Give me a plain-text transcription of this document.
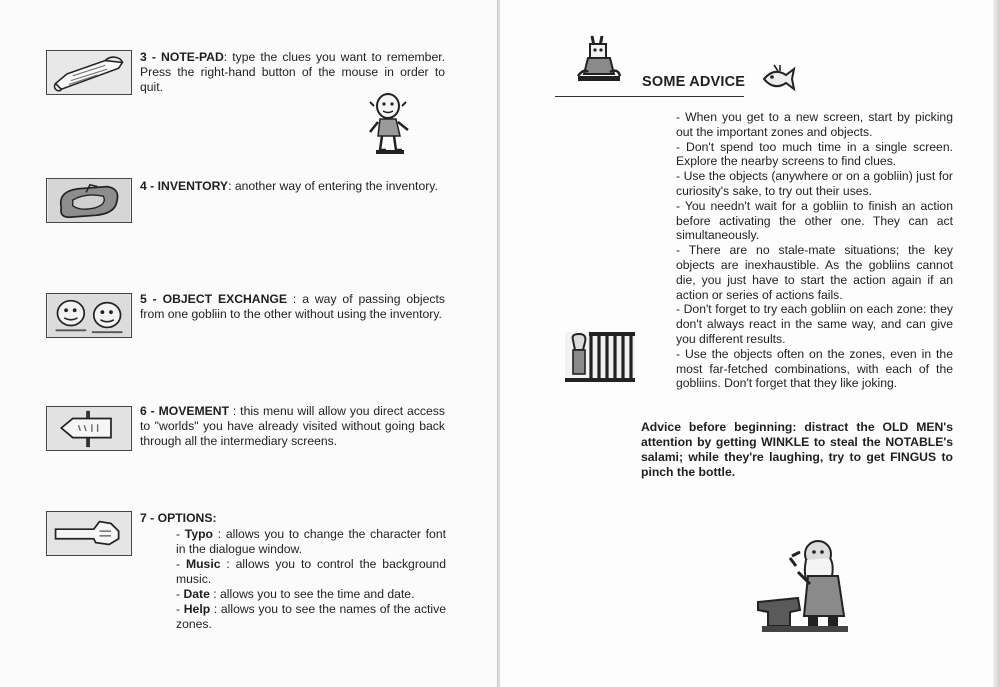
3 - NOTE-PAD: type the clues you want to remember. Press the right-hand button of the mouse in order to quit.
4 - INVENTORY: another way of entering the inventory.
5 - OBJECT EXCHANGE : a way of passing objects from one gobliin to the other without using the inventory.
6 - MOVEMENT : this menu will allow you direct access to "worlds" you have already visited without going back through all the intermediary screens.
7 - OPTIONS:

- Typo : allows you to change the character font in the dialogue window.

- Music : allows you to control the background music.

- Date : allows you to see the time and date.

- Help : allows you to see the names of the active zones.

SOME ADVICE

- When you get to a new screen, start by picking out the important zones and objects.

- Don't spend too much time in a single screen. Explore the nearby screens to find clues.

- Use the objects (anywhere or on a gobliin) just for curiosity's sake, to try out their uses.

- You needn't wait for a gobliin to finish an action before activating the other one. They can act simultaneously.

- There are no stale-mate situations; the key objects are inexhaustible. As the gobliins cannot die, you just have to start the action again if an action or series of actions fails.

- Don't forget to try each gobliin on each zone: they don't always react in the same way, and can give you different results.

- Use the objects often on the zones, even in the most far-fetched combinations, with each of the gobliins. Don't forget that they like joking.

Advice before beginning: distract the OLD MEN's attention by getting WINKLE to steal the NOTABLE's salami; while they're laughing, try to get FINGUS to pinch the bottle.
